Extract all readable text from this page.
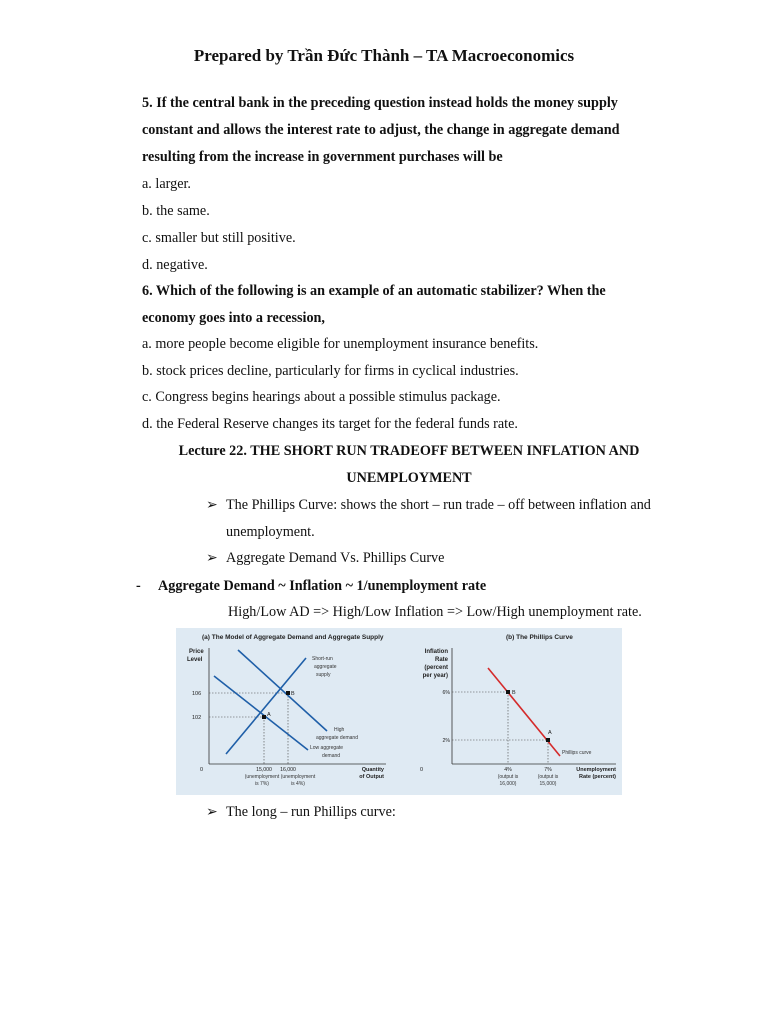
Prepared by Trần Đức Thành – TA Macroeconomics
5. If the central bank in the preceding question instead holds the money supply
constant and allows the interest rate to adjust, the change in aggregate demand
resulting from the increase in government purchases will be
a. larger.
b. the same.
c. smaller but still positive.
d. negative.
6. Which of the following is an example of an automatic stabilizer? When the
economy goes into a recession,
a. more people become eligible for unemployment insurance benefits.
b. stock prices decline, particularly for firms in cyclical industries.
c. Congress begins hearings about a possible stimulus package.
d. the Federal Reserve changes its target for the federal funds rate.
Lecture 22. THE SHORT RUN TRADEOFF BETWEEN INFLATION AND
UNEMPLOYMENT
➢ The Phillips Curve: shows the short – run trade – off between inflation and
unemployment.
➢ Aggregate Demand Vs. Phillips Curve
- Aggregate Demand ~ Inflation ~ 1/unemployment rate
High/Low AD => High/Low Inflation => Low/High unemployment rate.
(a) The Model of Aggregate Demand and Aggregate Supply
Price
Level
0
106
102
B
A
Short-run
aggregate
supply
High
aggregate demand
Low aggregate
demand
15,000
(unemployment
is 7%)
16,000
(unemployment
is 4%)
Quantity
of Output
(b) The Phillips Curve
Inflation
Rate
(percent
per year)
0
6%
2%
B
A
Phillips curve
4%
(output is
16,000)
7%
(output is
15,000)
Unemployment
Rate (percent)
➢ The long – run Phillips curve:
